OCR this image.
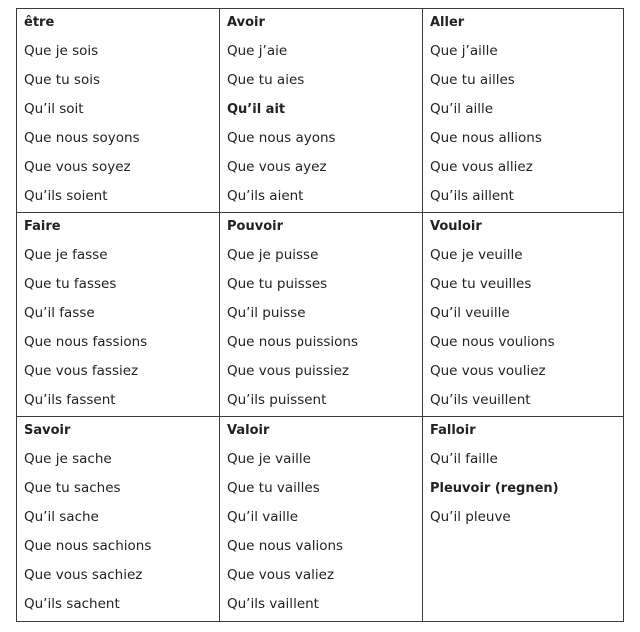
être
Que je sois
Que tu sois
Qu’il soit
Que nous soyons
Que vous soyez
Qu’ils soient
Avoir
Que j’aie
Que tu aies
Qu’il ait
Que nous ayons
Que vous ayez
Qu’ils aient
Aller
Que j’aille
Que tu ailles
Qu’il aille
Que nous allions
Que vous alliez
Qu’ils aillent
Faire
Que je fasse
Que tu fasses
Qu’il fasse
Que nous fassions
Que vous fassiez
Qu’ils fassent
Pouvoir
Que je puisse
Que tu puisses
Qu’il puisse
Que nous puissions
Que vous puissiez
Qu’ils puissent
Vouloir
Que je veuille
Que tu veuilles
Qu’il veuille
Que nous voulions
Que vous vouliez
Qu’ils veuillent
Savoir
Que je sache
Que tu saches
Qu’il sache
Que nous sachions
Que vous sachiez
Qu’ils sachent
Valoir
Que je vaille
Que tu vailles
Qu’il vaille
Que nous valions
Que vous valiez
Qu’ils vaillent
Falloir
Qu’il faille
Pleuvoir (regnen)
Qu’il pleuve
